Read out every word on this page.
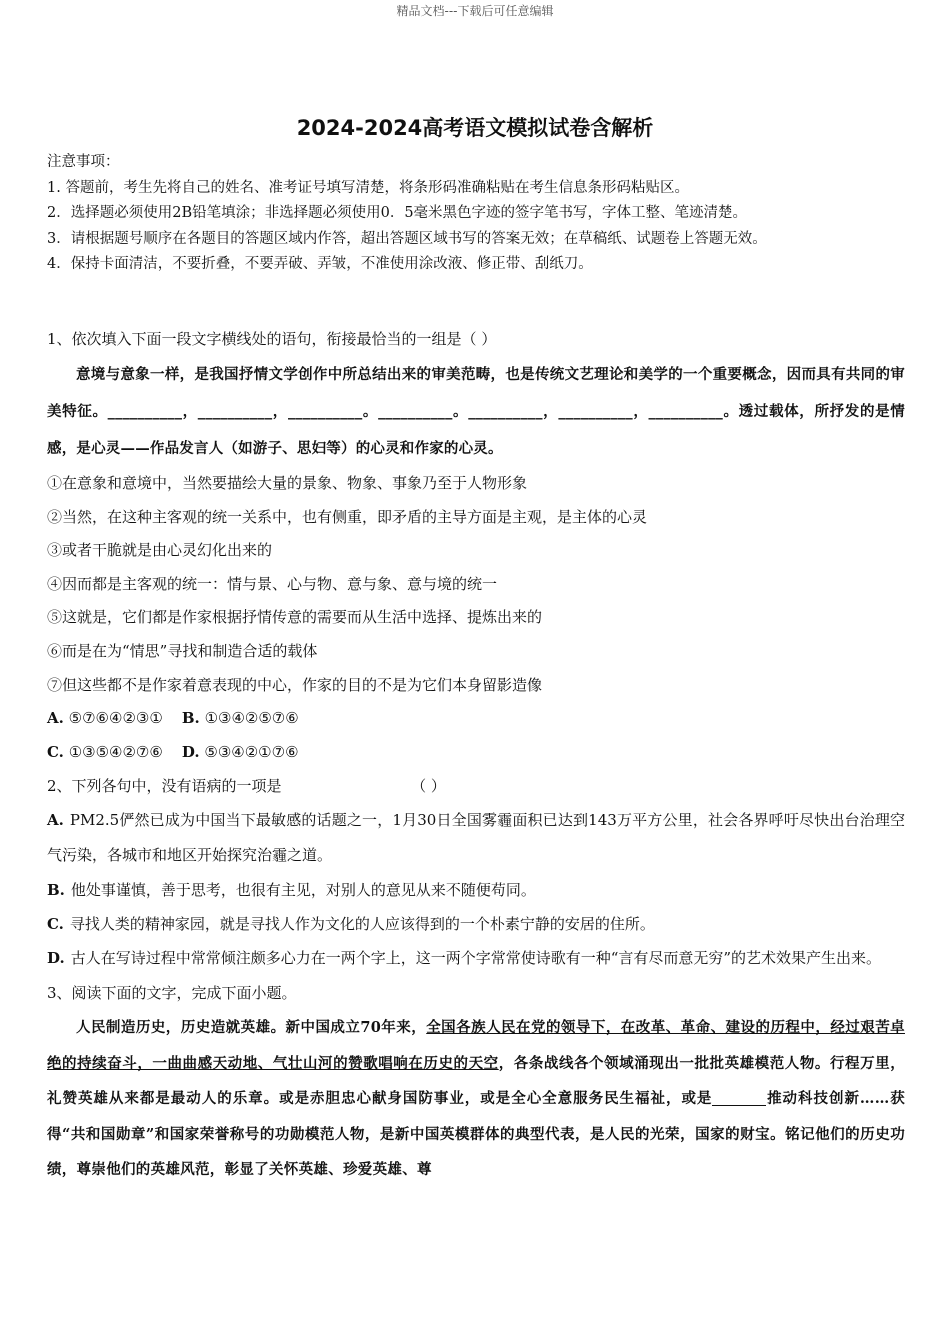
精品文档---下载后可任意编辑
2024-2024高考语文模拟试卷含解析
注意事项：
1. 答题前，考生先将自己的姓名、准考证号填写清楚，将条形码准确粘贴在考生信息条形码粘贴区。
2．选择题必须使用2B铅笔填涂；非选择题必须使用0．5毫米黑色字迹的签字笔书写，字体工整、笔迹清楚。
3．请根据题号顺序在各题目的答题区域内作答，超出答题区域书写的答案无效；在草稿纸、试题卷上答题无效。
4．保持卡面清洁，不要折叠，不要弄破、弄皱，不准使用涂改液、修正带、刮纸刀。
1、依次填入下面一段文字横线处的语句，衔接最恰当的一组是（ ）
意境与意象一样，是我国抒情文学创作中所总结出来的审美范畴，也是传统文艺理论和美学的一个重要概念，因而具有共同的审美特征。__________，__________，__________。__________。__________，__________，__________。透过载体，所抒发的是情感，是心灵——作品发言人（如游子、思妇等）的心灵和作家的心灵。
①在意象和意境中，当然要描绘大量的景象、物象、事象乃至于人物形象
②当然，在这种主客观的统一关系中，也有侧重，即矛盾的主导方面是主观，是主体的心灵
③或者干脆就是由心灵幻化出来的
④因而都是主客观的统一：情与景、心与物、意与象、意与境的统一
⑤这就是，它们都是作家根据抒情传意的需要而从生活中选择、提炼出来的
⑥而是在为“情思”寻找和制造合适的载体
⑦但这些都不是作家着意表现的中心，作家的目的不是为它们本身留影造像
A. ⑤⑦⑥④②③① B. ①③④②⑤⑦⑥
C. ①③⑤④②⑦⑥ D. ⑤③④②①⑦⑥
2、下列各句中，没有语病的一项是	（ ）
A. PM2.5俨然已成为中国当下最敏感的话题之一，1月30日全国雾霾面积已达到143万平方公里，社会各界呼吁尽快出台治理空气污染，各城市和地区开始探究治霾之道。
B. 他处事谨慎，善于思考，也很有主见，对别人的意见从来不随便苟同。
C. 寻找人类的精神家园，就是寻找人作为文化的人应该得到的一个朴素宁静的安居的住所。
D. 古人在写诗过程中常常倾注颇多心力在一两个字上，这一两个字常常使诗歌有一种“言有尽而意无穷”的艺术效果产生出来。
3、阅读下面的文字，完成下面小题。
人民制造历史，历史造就英雄。新中国成立70年来，全国各族人民在党的领导下，在改革、革命、建设的历程中，经过艰苦卓绝的持续奋斗，一曲曲感天动地、气壮山河的赞歌唱响在历史的天空，各条战线各个领域涌现出一批批英雄模范人物。行程万里，礼赞英雄从来都是最动人的乐章。或是赤胆忠心献身国防事业，或是全心全意服务民生福祉，或是	推动科技创新……获得“共和国勋章”和国家荣誉称号的功勋模范人物，是新中国英模群体的典型代表，是人民的光荣，国家的财宝。铭记他们的历史功绩，尊崇他们的英雄风范，彰显了关怀英雄、珍爱英雄、尊
